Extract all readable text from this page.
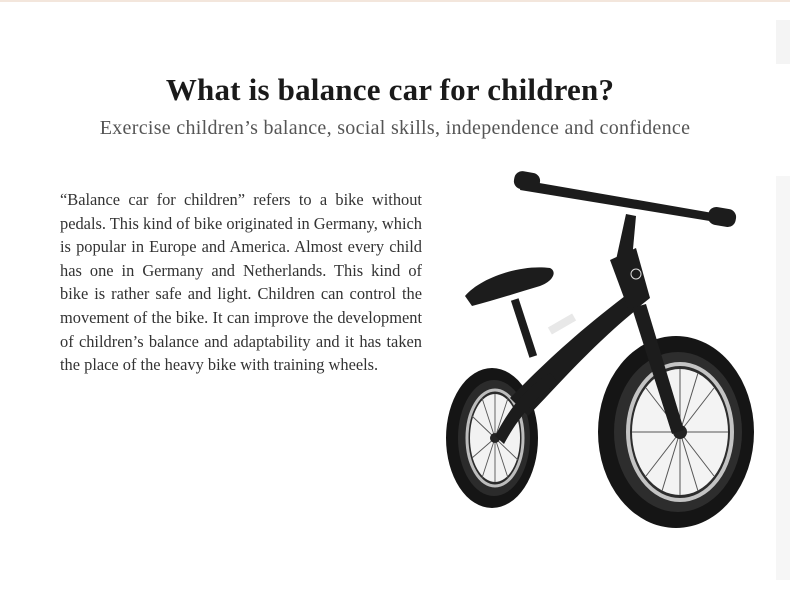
What is balance car for children?
Exercise children’s balance, social skills, independence and confidence
“Balance car for children” refers to a bike without pedals. This kind of bike originated in Germany, which is popular in Europe and America. Almost every child has one in Germany and Netherlands. This kind of bike is rather safe and light. Children can control the movement of the bike. It can improve the development of children’s balance and adaptability and it has taken the place of the heavy bike with training wheels.
